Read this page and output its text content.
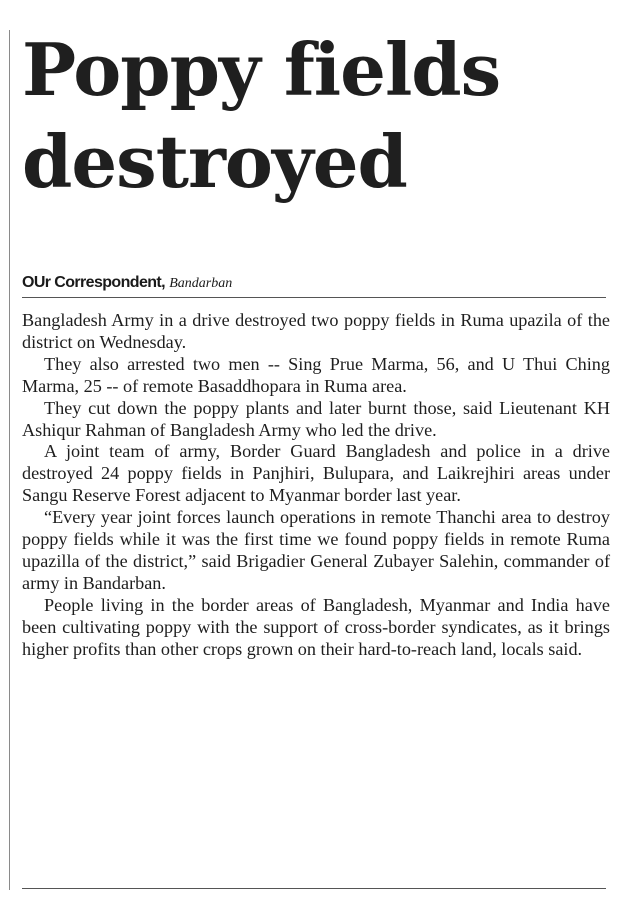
Poppy fields
destroyed
OUr Correspondent, Bandarban

Bangladesh Army in a drive destroyed two poppy fields in Ruma upazila of the district on Wednesday.

They also arrested two men -- Sing Prue Marma, 56, and U Thui Ching Marma, 25 -- of remote Basaddhopara in Ruma area.

They cut down the poppy plants and later burnt those, said Lieutenant KH Ashiqur Rahman of Bangladesh Army who led the drive.

A joint team of army, Border Guard Bangladesh and police in a drive destroyed 24 poppy fields in Panjhiri, Bulupara, and Laikrejhiri areas under Sangu Reserve Forest adjacent to Myanmar border last year.

“Every year joint forces launch operations in remote Thanchi area to destroy poppy fields while it was the first time we found poppy fields in remote Ruma upazilla of the district,” said Brigadier General Zubayer Salehin, commander of army in Bandarban.

People living in the border areas of Bangladesh, Myanmar and India have been cultivating poppy with the support of cross-border syndicates, as it brings higher profits than other crops grown on their hard-to-reach land, locals said.
